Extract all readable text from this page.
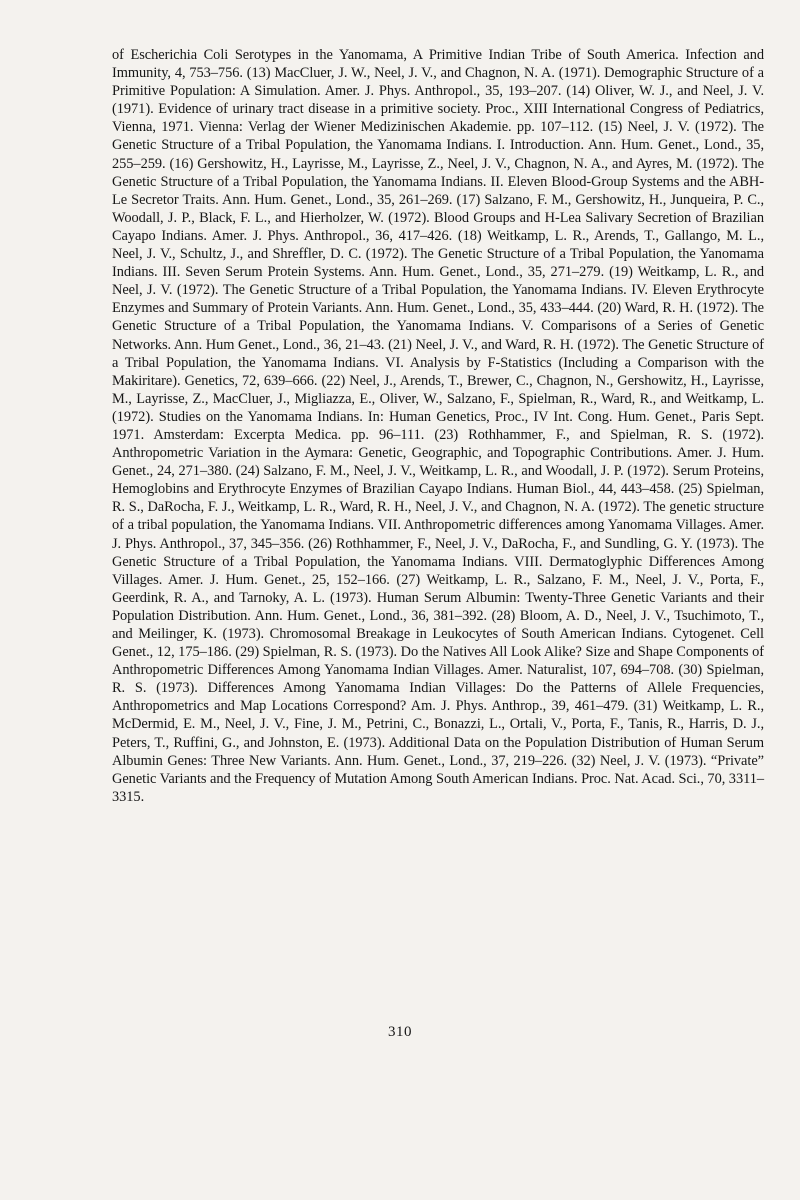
of Escherichia Coli Serotypes in the Yanomama, A Primitive Indian Tribe of South America. Infection and Immunity, 4, 753–756. (13) MacCluer, J. W., Neel, J. V., and Chagnon, N. A. (1971). Demographic Structure of a Primitive Population: A Simulation. Amer. J. Phys. Anthropol., 35, 193–207. (14) Oliver, W. J., and Neel, J. V. (1971). Evidence of urinary tract disease in a primitive society. Proc., XIII International Congress of Pediatrics, Vienna, 1971. Vienna: Verlag der Wiener Medizinischen Akademie. pp. 107–112. (15) Neel, J. V. (1972). The Genetic Structure of a Tribal Population, the Yanomama Indians. I. Introduction. Ann. Hum. Genet., Lond., 35, 255–259. (16) Gershowitz, H., Layrisse, M., Layrisse, Z., Neel, J. V., Chagnon, N. A., and Ayres, M. (1972). The Genetic Structure of a Tribal Population, the Yanomama Indians. II. Eleven Blood-Group Systems and the ABH-Le Secretor Traits. Ann. Hum. Genet., Lond., 35, 261–269. (17) Salzano, F. M., Gershowitz, H., Junqueira, P. C., Woodall, J. P., Black, F. L., and Hierholzer, W. (1972). Blood Groups and H-Lea Salivary Secretion of Brazilian Cayapo Indians. Amer. J. Phys. Anthropol., 36, 417–426. (18) Weitkamp, L. R., Arends, T., Gallango, M. L., Neel, J. V., Schultz, J., and Shreffler, D. C. (1972). The Genetic Structure of a Tribal Population, the Yanomama Indians. III. Seven Serum Protein Systems. Ann. Hum. Genet., Lond., 35, 271–279. (19) Weitkamp, L. R., and Neel, J. V. (1972). The Genetic Structure of a Tribal Population, the Yanomama Indians. IV. Eleven Erythrocyte Enzymes and Summary of Protein Variants. Ann. Hum. Genet., Lond., 35, 433–444. (20) Ward, R. H. (1972). The Genetic Structure of a Tribal Population, the Yanomama Indians. V. Comparisons of a Series of Genetic Networks. Ann. Hum Genet., Lond., 36, 21–43. (21) Neel, J. V., and Ward, R. H. (1972). The Genetic Structure of a Tribal Population, the Yanomama Indians. VI. Analysis by F-Statistics (Including a Comparison with the Makiritare). Genetics, 72, 639–666. (22) Neel, J., Arends, T., Brewer, C., Chagnon, N., Gershowitz, H., Layrisse, M., Layrisse, Z., MacCluer, J., Migliazza, E., Oliver, W., Salzano, F., Spielman, R., Ward, R., and Weitkamp, L. (1972). Studies on the Yanomama Indians. In: Human Genetics, Proc., IV Int. Cong. Hum. Genet., Paris Sept. 1971. Amsterdam: Excerpta Medica. pp. 96–111. (23) Rothhammer, F., and Spielman, R. S. (1972). Anthropometric Variation in the Aymara: Genetic, Geographic, and Topographic Contributions. Amer. J. Hum. Genet., 24, 271–380. (24) Salzano, F. M., Neel, J. V., Weitkamp, L. R., and Woodall, J. P. (1972). Serum Proteins, Hemoglobins and Erythrocyte Enzymes of Brazilian Cayapo Indians. Human Biol., 44, 443–458. (25) Spielman, R. S., DaRocha, F. J., Weitkamp, L. R., Ward, R. H., Neel, J. V., and Chagnon, N. A. (1972). The genetic structure of a tribal population, the Yanomama Indians. VII. Anthropometric differences among Yanomama Villages. Amer. J. Phys. Anthropol., 37, 345–356. (26) Rothhammer, F., Neel, J. V., DaRocha, F., and Sundling, G. Y. (1973). The Genetic Structure of a Tribal Population, the Yanomama Indians. VIII. Dermatoglyphic Differences Among Villages. Amer. J. Hum. Genet., 25, 152–166. (27) Weitkamp, L. R., Salzano, F. M., Neel, J. V., Porta, F., Geerdink, R. A., and Tarnoky, A. L. (1973). Human Serum Albumin: Twenty-Three Genetic Variants and their Population Distribution. Ann. Hum. Genet., Lond., 36, 381–392. (28) Bloom, A. D., Neel, J. V., Tsuchimoto, T., and Meilinger, K. (1973). Chromosomal Breakage in Leukocytes of South American Indians. Cytogenet. Cell Genet., 12, 175–186. (29) Spielman, R. S. (1973). Do the Natives All Look Alike? Size and Shape Components of Anthropometric Differences Among Yanomama Indian Villages. Amer. Naturalist, 107, 694–708. (30) Spielman, R. S. (1973). Differences Among Yanomama Indian Villages: Do the Patterns of Allele Frequencies, Anthropometrics and Map Locations Correspond? Am. J. Phys. Anthrop., 39, 461–479. (31) Weitkamp, L. R., McDermid, E. M., Neel, J. V., Fine, J. M., Petrini, C., Bonazzi, L., Ortali, V., Porta, F., Tanis, R., Harris, D. J., Peters, T., Ruffini, G., and Johnston, E. (1973). Additional Data on the Population Distribution of Human Serum Albumin Genes: Three New Variants. Ann. Hum. Genet., Lond., 37, 219–226. (32) Neel, J. V. (1973). “Private” Genetic Variants and the Frequency of Mutation Among South American Indians. Proc. Nat. Acad. Sci., 70, 3311–3315.

310
